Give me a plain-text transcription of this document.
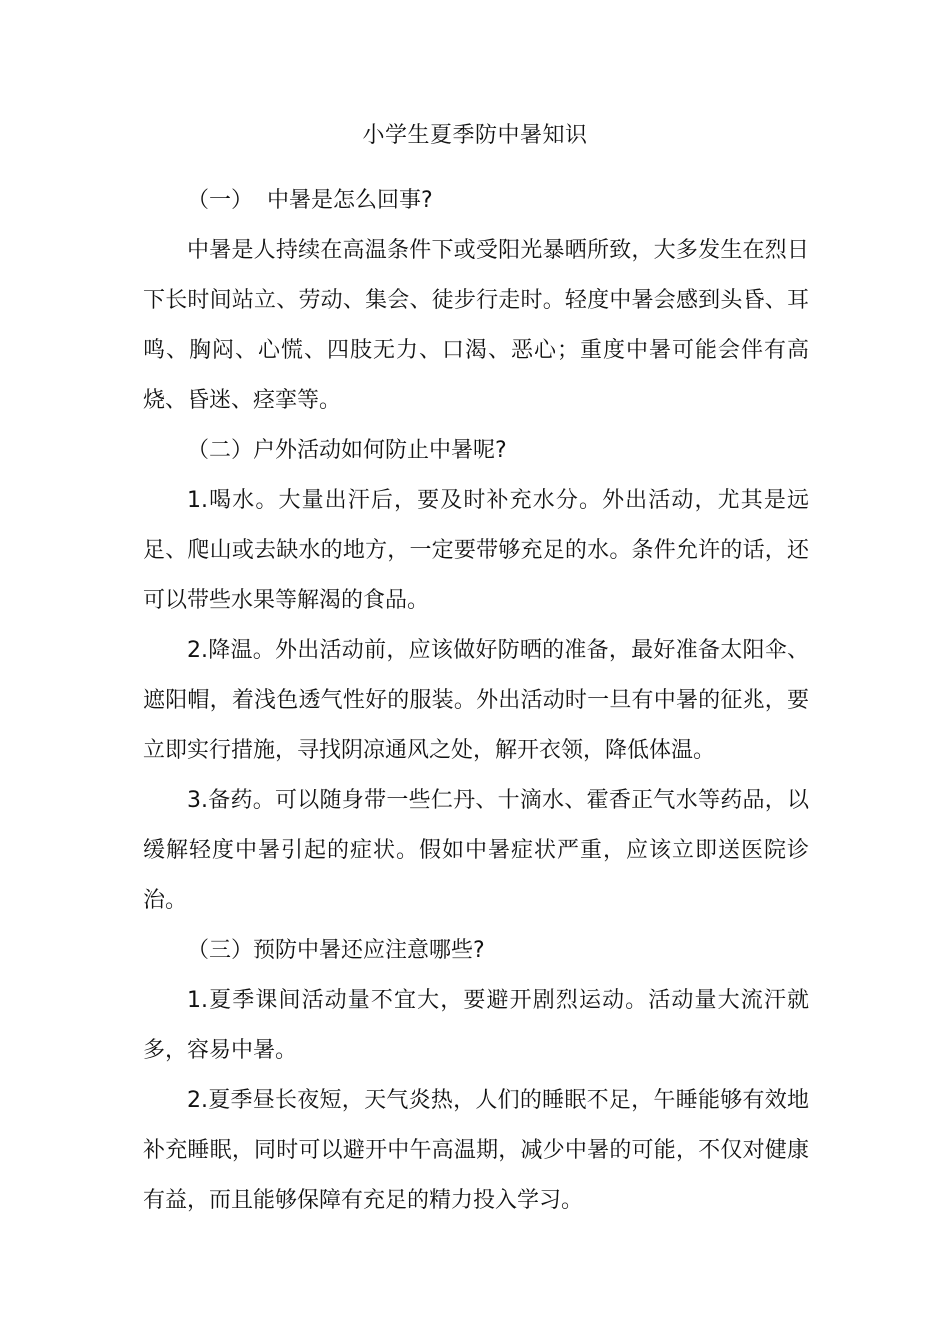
小学生夏季防中暑知识

（一）  中暑是怎么回事?

中暑是人持续在高温条件下或受阳光暴晒所致，大多发生在烈日下长时间站立、劳动、集会、徒步行走时。轻度中暑会感到头昏、耳鸣、胸闷、心慌、四肢无力、口渴、恶心；重度中暑可能会伴有高烧、昏迷、痉挛等。

（二）户外活动如何防止中暑呢?

1.喝水。大量出汗后，要及时补充水分。外出活动，尤其是远足、爬山或去缺水的地方，一定要带够充足的水。条件允许的话，还可以带些水果等解渴的食品。

2.降温。外出活动前，应该做好防晒的准备，最好准备太阳伞、遮阳帽，着浅色透气性好的服装。外出活动时一旦有中暑的征兆，要立即实行措施，寻找阴凉通风之处，解开衣领，降低体温。

3.备药。可以随身带一些仁丹、十滴水、霍香正气水等药品，以缓解轻度中暑引起的症状。假如中暑症状严重，应该立即送医院诊治。

（三）预防中暑还应注意哪些?

1.夏季课间活动量不宜大，要避开剧烈运动。活动量大流汗就多，容易中暑。

2.夏季昼长夜短，天气炎热，人们的睡眠不足，午睡能够有效地补充睡眠，同时可以避开中午高温期，减少中暑的可能，不仅对健康有益，而且能够保障有充足的精力投入学习。
